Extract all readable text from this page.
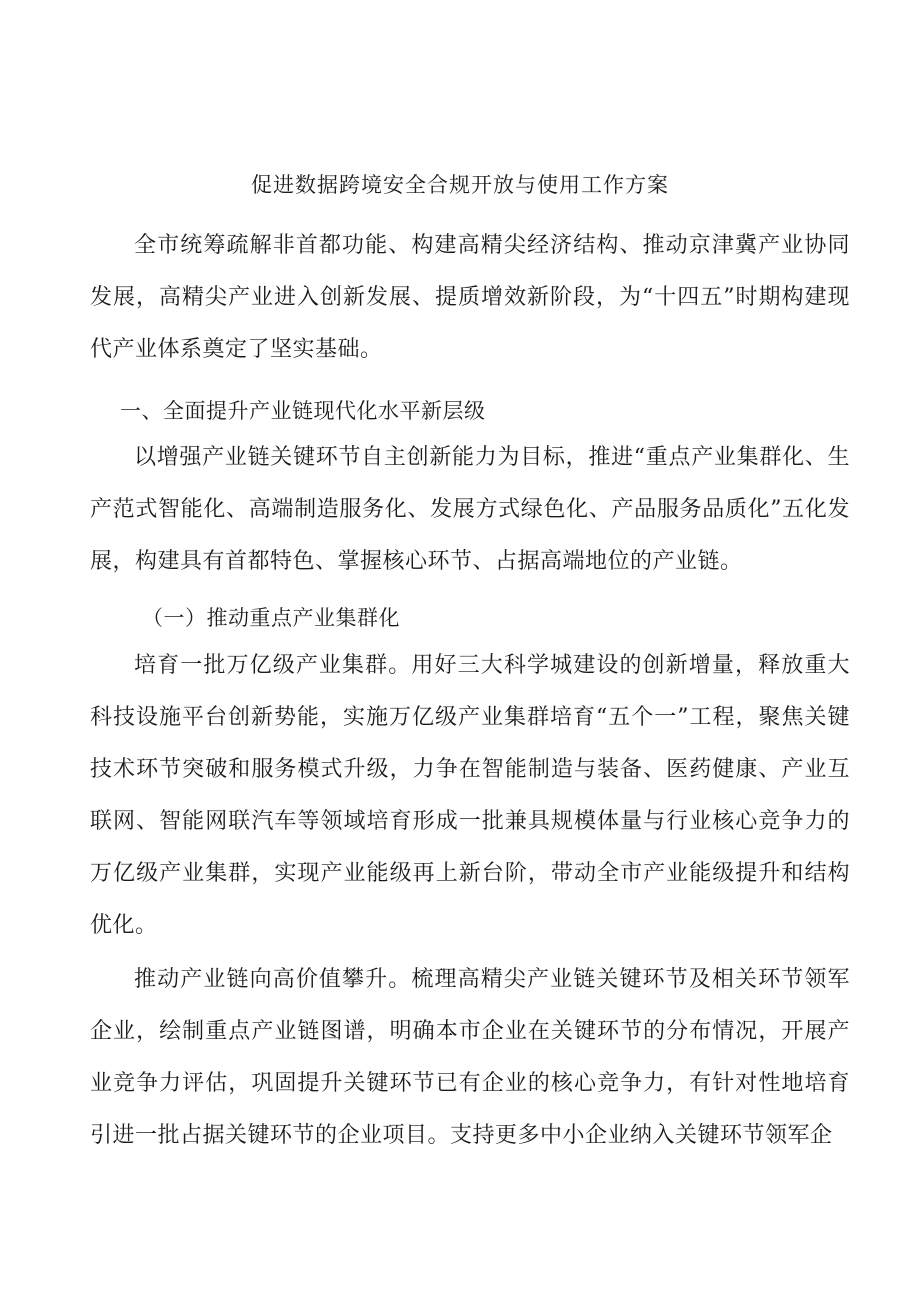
促进数据跨境安全合规开放与使用工作方案

全市统筹疏解非首都功能、构建高精尖经济结构、推动京津冀产业协同发展，高精尖产业进入创新发展、提质增效新阶段，为“十四五”时期构建现代产业体系奠定了坚实基础。

一、全面提升产业链现代化水平新层级

以增强产业链关键环节自主创新能力为目标，推进“重点产业集群化、生产范式智能化、高端制造服务化、发展方式绿色化、产品服务品质化”五化发展，构建具有首都特色、掌握核心环节、占据高端地位的产业链。

（一）推动重点产业集群化

培育一批万亿级产业集群。用好三大科学城建设的创新增量，释放重大科技设施平台创新势能，实施万亿级产业集群培育“五个一”工程，聚焦关键技术环节突破和服务模式升级，力争在智能制造与装备、医药健康、产业互联网、智能网联汽车等领域培育形成一批兼具规模体量与行业核心竞争力的万亿级产业集群，实现产业能级再上新台阶，带动全市产业能级提升和结构优化。

推动产业链向高价值攀升。梳理高精尖产业链关键环节及相关环节领军企业，绘制重点产业链图谱，明确本市企业在关键环节的分布情况，开展产业竞争力评估，巩固提升关键环节已有企业的核心竞争力，有针对性地培育引进一批占据关键环节的企业项目。支持更多中小企业纳入关键环节领军企
